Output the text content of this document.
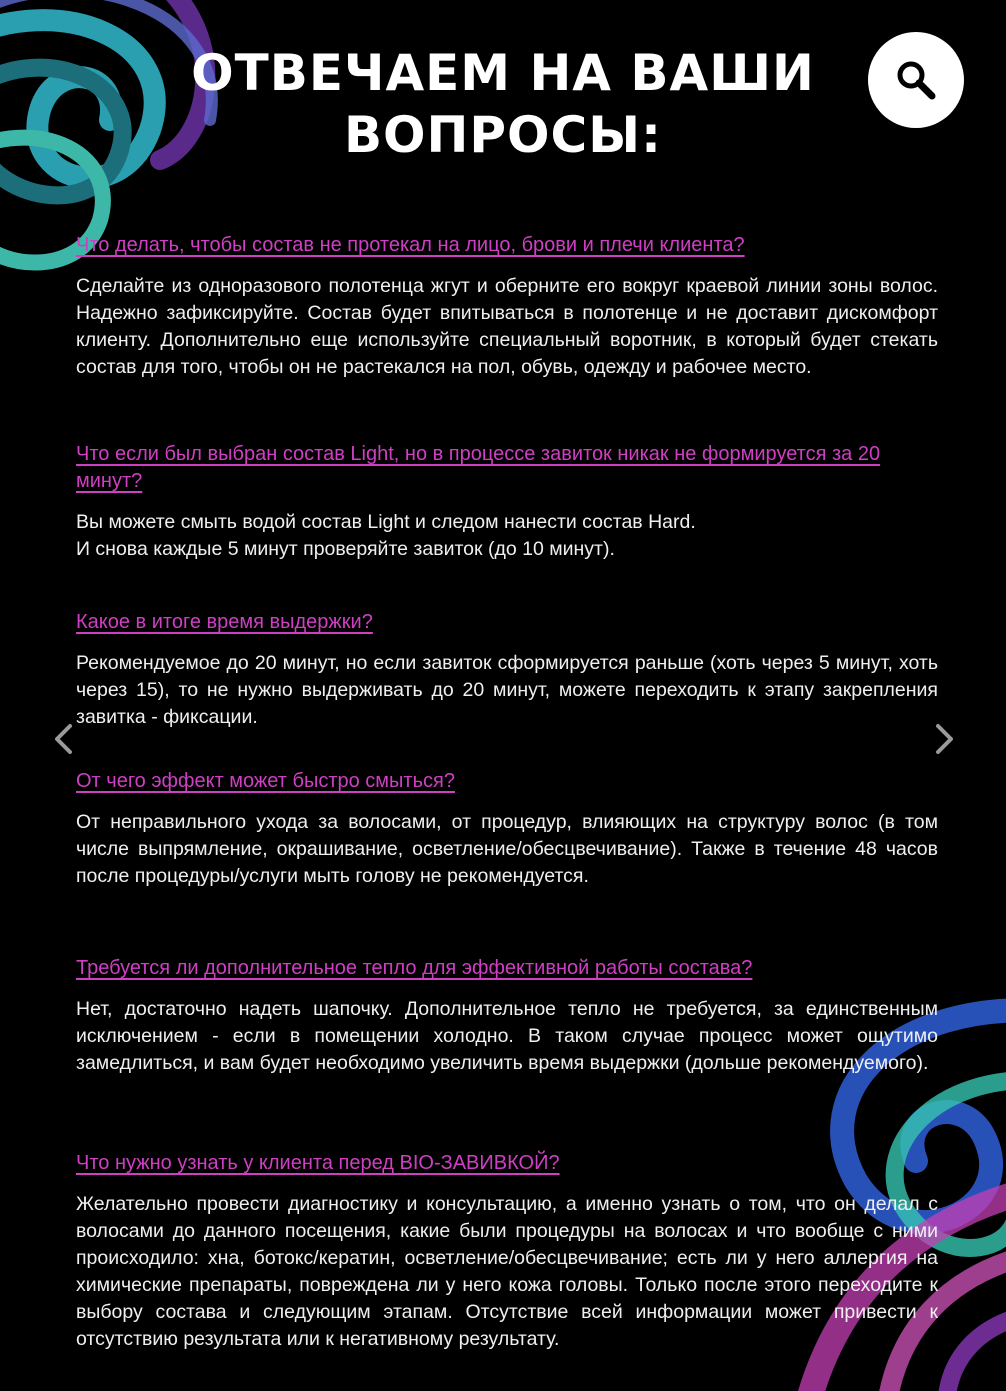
ОТВЕЧАЕМ НА ВАШИ
ВОПРОСЫ:

Что делать, чтобы состав не протекал на лицо, брови и плечи клиента?

Сделайте из одноразового полотенца жгут и оберните его вокруг краевой линии зоны волос. Надежно зафиксируйте. Состав будет впитываться в полотенце и не доставит дискомфорт клиенту. Дополнительно еще используйте специальный воротник, в который будет стекать состав для того, чтобы он не растекался на пол, обувь, одежду и рабочее место.

Что если был выбран состав Light, но в процессе завиток никак не формируется за 20 минут?

Вы можете смыть водой состав Light и следом нанести состав Hard.
И снова каждые 5 минут проверяйте завиток (до 10 минут).

Какое в итоге время выдержки?

Рекомендуемое до 20 минут, но если завиток сформируется раньше (хоть через 5 минут, хоть через 15), то не нужно выдерживать до 20 минут, можете переходить к этапу закрепления завитка - фиксации.

От чего эффект может быстро смыться?

От неправильного ухода за волосами, от процедур, влияющих на структуру волос (в том числе выпрямление, окрашивание, осветление/обесцвечивание). Также в течение 48 часов после процедуры/услуги мыть голову не рекомендуется.

Требуется ли дополнительное тепло для эффективной работы состава?

Нет, достаточно надеть шапочку. Дополнительное тепло не требуется, за единственным исключением - если в помещении холодно. В таком случае процесс может ощутимо замедлиться, и вам будет необходимо увеличить время выдержки (дольше рекомендуемого).

Что нужно узнать у клиента перед BIO-ЗАВИВКОЙ?

Желательно провести диагностику и консультацию, а именно узнать о том, что он делал с волосами до данного посещения, какие были процедуры на волосах и что вообще с ними происходило: хна, ботокс/кератин, осветление/обесцвечивание; есть ли у него аллергия на химические препараты, повреждена ли у него кожа головы. Только после этого переходите к выбору состава и следующим этапам. Отсутствие всей информации может привести к отсутствию результата или к негативному результату.
